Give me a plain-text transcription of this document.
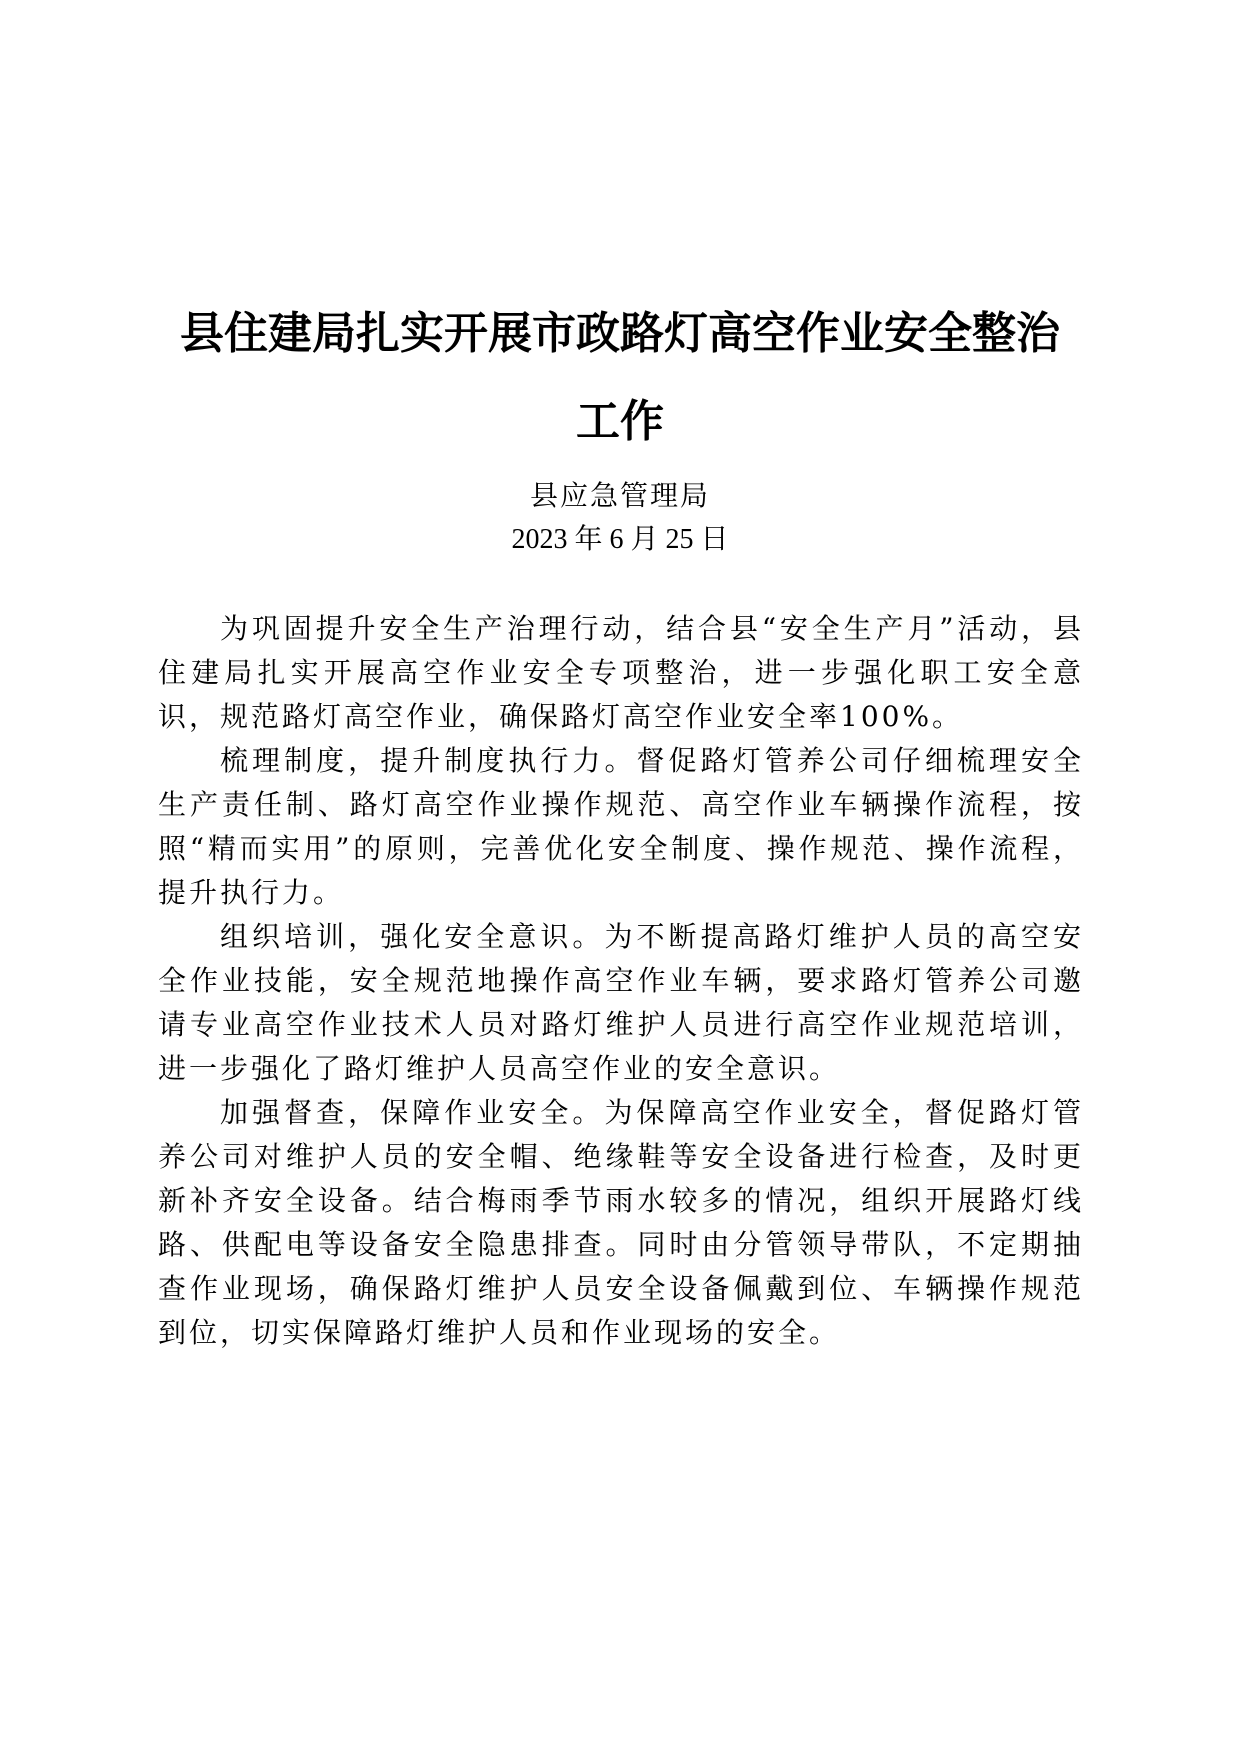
县住建局扎实开展市政路灯高空作业安全整治
工作
县应急管理局
2023 年 6 月 25 日

为巩固提升安全生产治理行动，结合县“安全生产月”活动，县住建局扎实开展高空作业安全专项整治，进一步强化职工安全意识，规范路灯高空作业，确保路灯高空作业安全率100%。

梳理制度，提升制度执行力。督促路灯管养公司仔细梳理安全生产责任制、路灯高空作业操作规范、高空作业车辆操作流程，按照“精而实用”的原则，完善优化安全制度、操作规范、操作流程，提升执行力。

组织培训，强化安全意识。为不断提高路灯维护人员的高空安全作业技能，安全规范地操作高空作业车辆，要求路灯管养公司邀请专业高空作业技术人员对路灯维护人员进行高空作业规范培训，进一步强化了路灯维护人员高空作业的安全意识。

加强督查，保障作业安全。为保障高空作业安全，督促路灯管养公司对维护人员的安全帽、绝缘鞋等安全设备进行检查，及时更新补齐安全设备。结合梅雨季节雨水较多的情况，组织开展路灯线路、供配电等设备安全隐患排查。同时由分管领导带队，不定期抽查作业现场，确保路灯维护人员安全设备佩戴到位、车辆操作规范到位，切实保障路灯维护人员和作业现场的安全。
